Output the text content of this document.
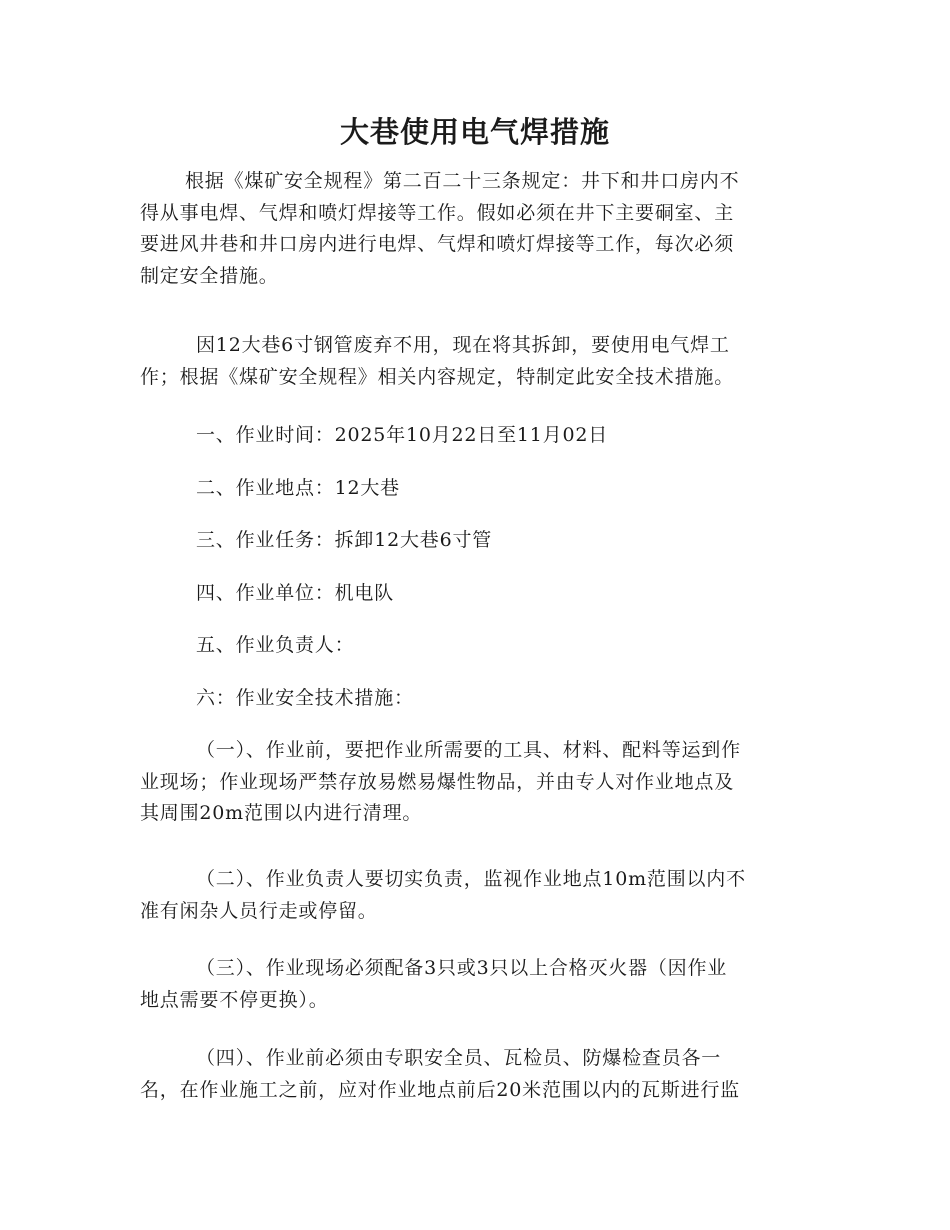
大巷使用电气焊措施
根据《煤矿安全规程》第二百二十三条规定：井下和井口房内不
得从事电焊、气焊和喷灯焊接等工作。假如必须在井下主要硐室、主
要进风井巷和井口房内进行电焊、气焊和喷灯焊接等工作，每次必须
制定安全措施。
因12大巷6寸钢管废弃不用，现在将其拆卸，要使用电气焊工
作；根据《煤矿安全规程》相关内容规定，特制定此安全技术措施。
一、作业时间：2025年10月22日至11月02日
二、作业地点：12大巷
三、作业任务：拆卸12大巷6寸管
四、作业单位：机电队
五、作业负责人：
六：作业安全技术措施：
（一）、作业前，要把作业所需要的工具、材料、配料等运到作
业现场；作业现场严禁存放易燃易爆性物品，并由专人对作业地点及
其周围20m范围以内进行清理。
（二）、作业负责人要切实负责，监视作业地点10m范围以内不
准有闲杂人员行走或停留。
（三）、作业现场必须配备3只或3只以上合格灭火器（因作业
地点需要不停更换）。
（四）、作业前必须由专职安全员、瓦检员、防爆检查员各一
名，在作业施工之前，应对作业地点前后20米范围以内的瓦斯进行监
